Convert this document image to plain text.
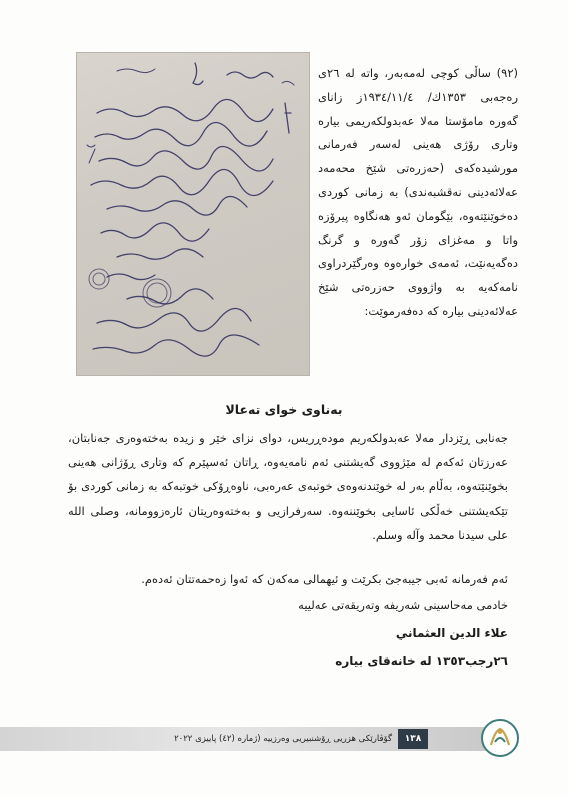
(٩٢) ساڵی کوچی لەمەبەر، واتە لە ٢٦ی رەجەبی ١٣٥٣ك/ ١٩٣٤/١١/٤ز زانای گەورە مامۆستا مەلا عەبدولکەریمی بیارە وتاری رۆژی هەینی لەسەر فەرمانی مورشیدەکەی (حەزرەتی شێخ محەمەد عەلائەدینی نەقشبەندی) بە زمانی کوردی دەخوێنێتەوە، بێگومان ئەو هەنگاوە پیرۆزە واتا و مەغزای زۆر گەورە و گرنگ دەگەیەنێت، ئەمەی خوارەوە وەرگێردراوی نامەکەیە بە واژووی حەزرەتی شێخ عەلائەدینی بیارە کە دەفەرموێت:

بەناوی خوای تەعالا

جەنابی ڕێزدار مەلا عەبدولکەریم مودەڕریس، دوای نزای خێر و زیدە بەختەوەری جەنابتان، عەرزتان ئەکەم لە مێژووی گەیشتنی ئەم نامەیەوە، ڕاتان ئەسپێرم کە وتاری ڕۆژانی هەینی بخوێنێتەوە، بەڵام بەر لە خوێندنەوەی خوتبەی عەرەبی، ناوەڕۆکی خوتبەکە بە زمانی کوردی بۆ تێکەیشتنی خەڵکی ئاسایی بخوێننەوە. سەرفرازیی و بەختەوەریتان ئارەزوومانە، وصلی الله علی سیدنا محمد وآلە وسلم.

ئەم فەرمانە ئەبی جیبەجێ بکرێت و ئیهمالی مەکەن کە ئەوا زەحمەتتان ئەدەم.
خادمی مەحاسینی شەریفە وتەریقەتی عەلییە
علاء الدين العثماني
٢٦رجب١٣٥٣ لە خانەقای بیارە
گۆڤارێکی هزریی ڕۆشنبیریی وەرزییە (ژمارە (٤٢) پاییزی ٢٠٢٢	١٣٨
